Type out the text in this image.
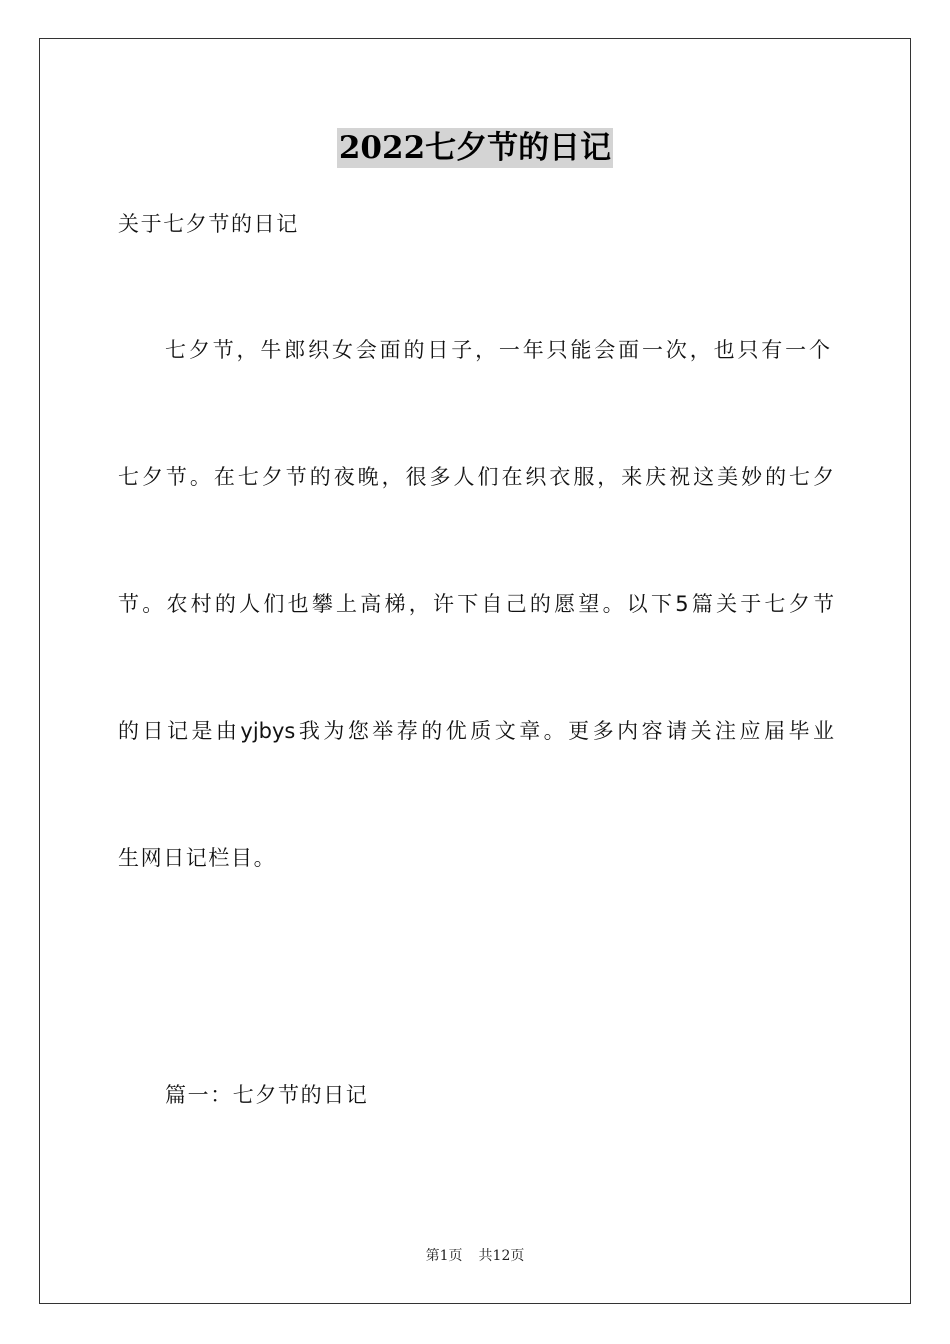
2022七夕节的日记
关于七夕节的日记
七夕节，牛郎织女会面的日子，一年只能会面一次，也只有一个
七夕节。在七夕节的夜晚，很多人们在织衣服，来庆祝这美妙的七夕
节。农村的人们也攀上高梯，许下自己的愿望。以下5篇关于七夕节
的日记是由yjbys我为您举荐的优质文章。更多内容请关注应届毕业
生网日记栏目。
篇一：七夕节的日记
第1页 共12页
